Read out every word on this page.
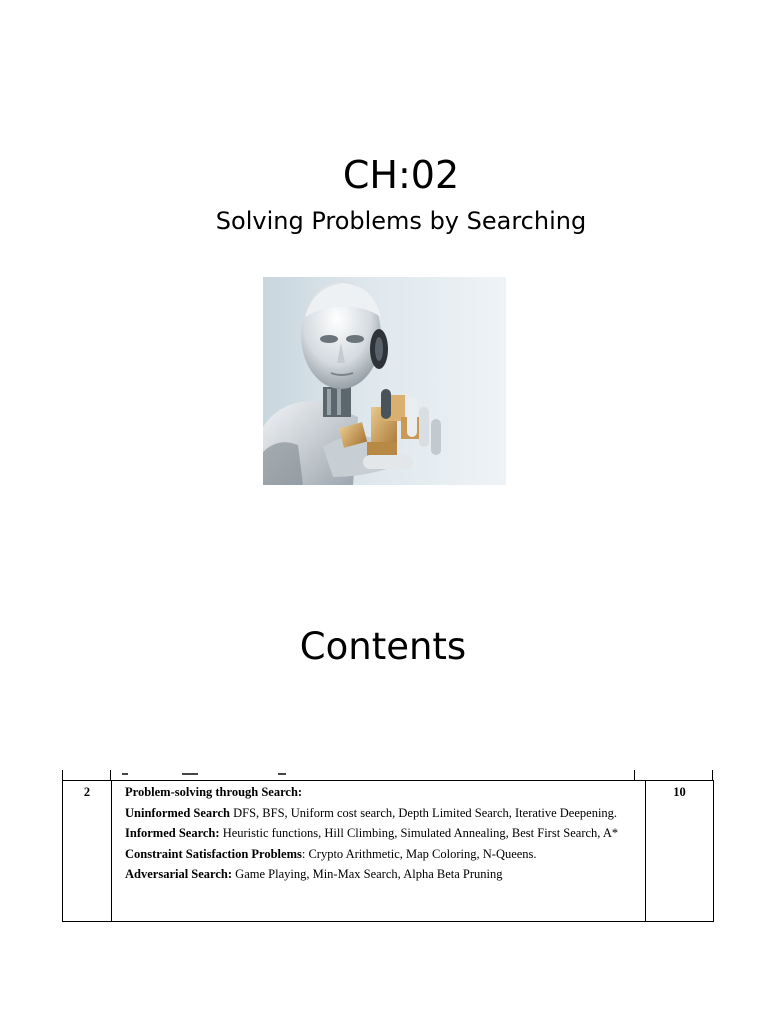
CH:02
Solving Problems by Searching
Contents
2	Problem-solving through Search:

Uninformed Search DFS, BFS, Uniform cost search, Depth Limited Search, Iterative Deepening.

Informed Search: Heuristic functions, Hill Climbing, Simulated Annealing, Best First Search, A*

Constraint Satisfaction Problems: Crypto Arithmetic, Map Coloring, N-Queens.

Adversarial Search: Game Playing, Min-Max Search, Alpha Beta Pruning

10
